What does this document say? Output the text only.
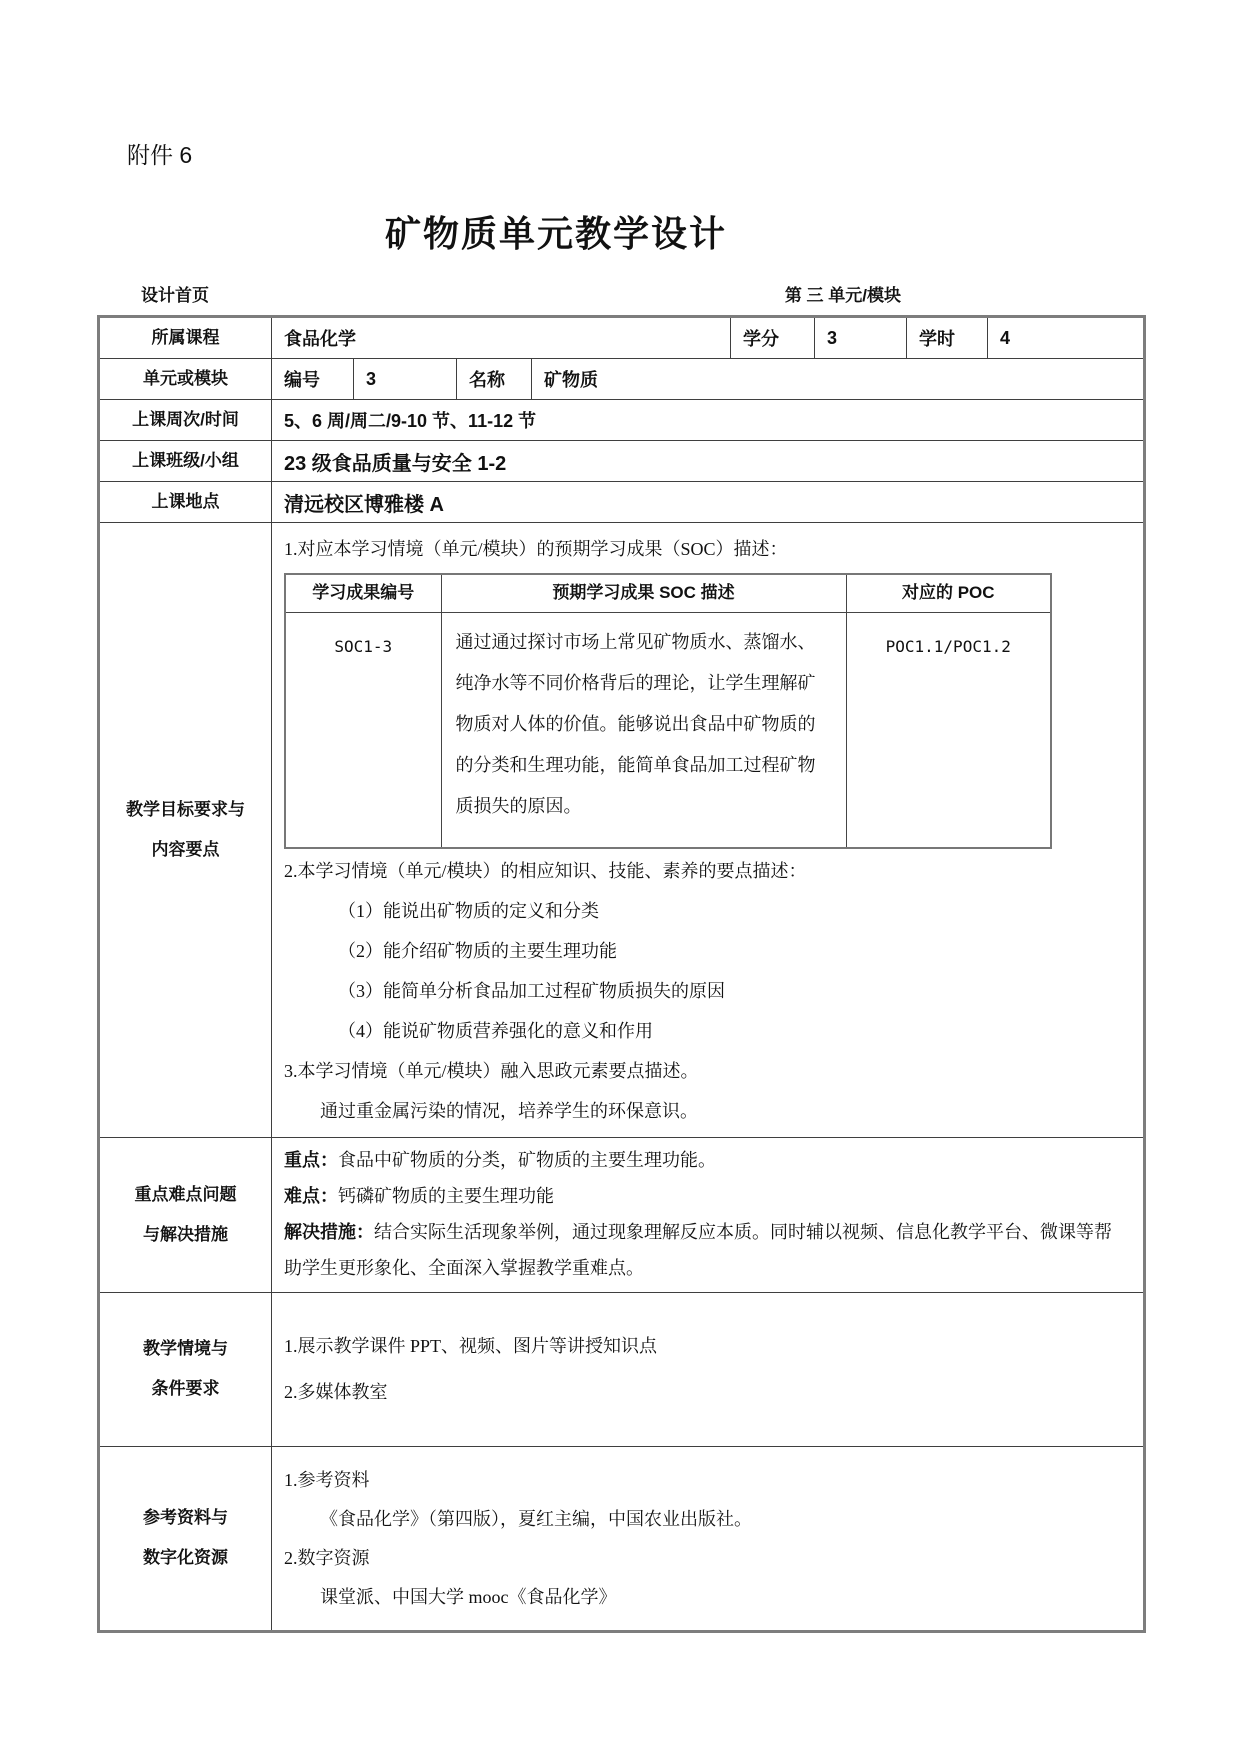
附件 6
矿物质单元教学设计
设计首页	第 三 单元/模块
所属课程	食品化学	学分	3	学时	4
单元或模块	编号	3	名称	矿物质
上课周次/时间	5、6 周/周二/9-10 节、11-12 节
上课班级/小组	23 级食品质量与安全 1-2
上课地点	清远校区博雅楼 A

教学目标要求与
内容要点

1.对应本学习情境（单元/模块）的预期学习成果（SOC）描述：
学习成果编号	预期学习成果 SOC 描述	对应的 POC
SOC1-3	通过通过探讨市场上常见矿物质水、蒸馏水、纯净水等不同价格背后的理论，让学生理解矿物质对人体的价值。能够说出食品中矿物质的的分类和生理功能，能简单食品加工过程矿物质损失的原因。	POC1.1/POC1.2
2.本学习情境（单元/模块）的相应知识、技能、素养的要点描述：
（1）能说出矿物质的定义和分类
（2）能介绍矿物质的主要生理功能
（3）能简单分析食品加工过程矿物质损失的原因
（4）能说矿物质营养强化的意义和作用
3.本学习情境（单元/模块）融入思政元素要点描述。
通过重金属污染的情况，培养学生的环保意识。

重点难点问题
与解决措施

重点：食品中矿物质的分类，矿物质的主要生理功能。
难点：钙磷矿物质的主要生理功能
解决措施：结合实际生活现象举例，通过现象理解反应本质。同时辅以视频、信息化教学平台、微课等帮助学生更形象化、全面深入掌握教学重难点。

教学情境与
条件要求

1.展示教学课件 PPT、视频、图片等讲授知识点
2.多媒体教室

参考资料与
数字化资源

1.参考资料
《食品化学》（第四版），夏红主编，中国农业出版社。
2.数字资源
课堂派、中国大学 mooc《食品化学》
